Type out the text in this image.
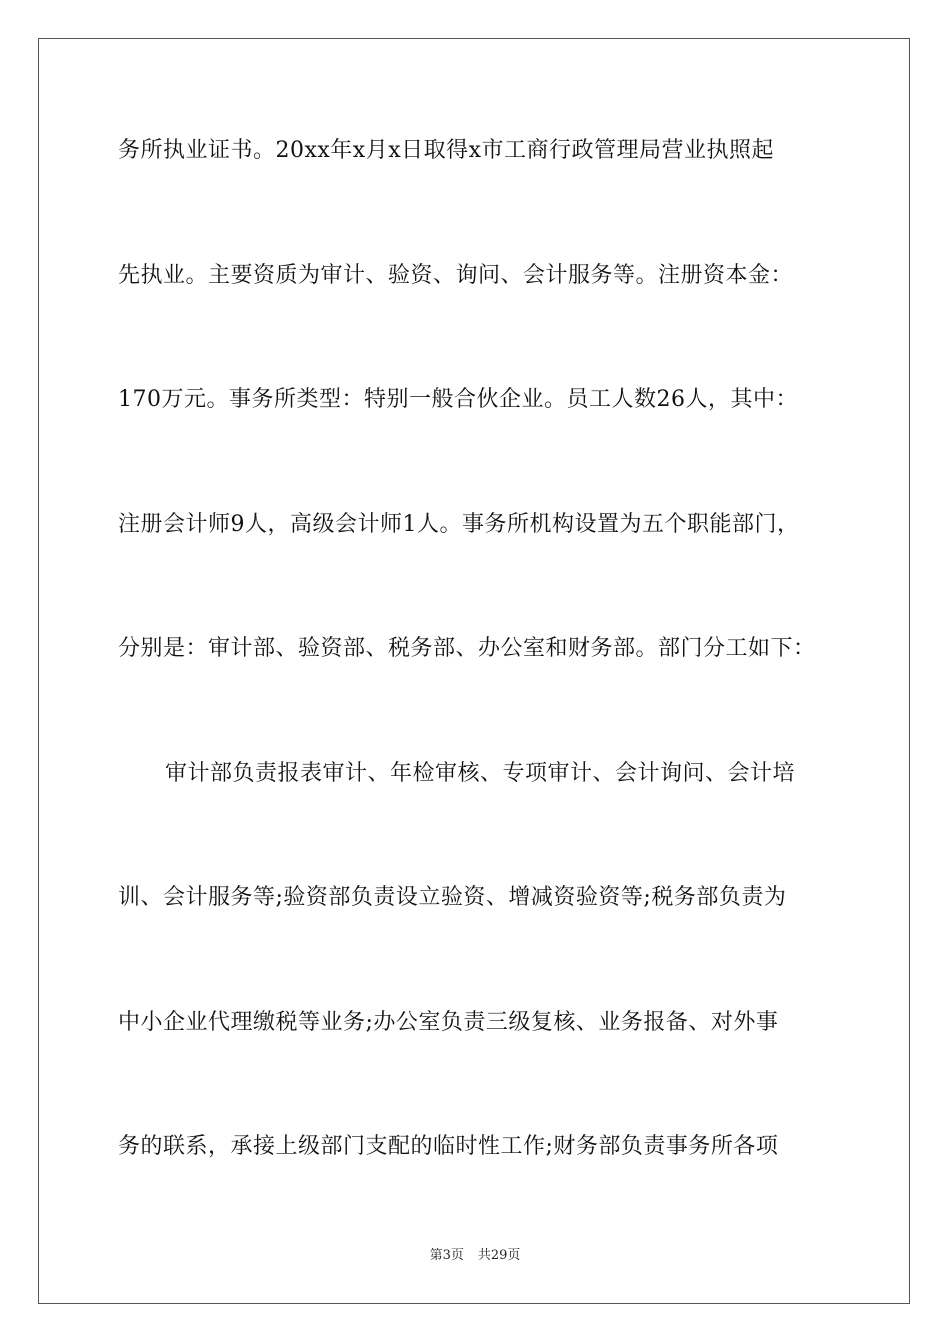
务所执业证书。20xx年x月x日取得x市工商行政管理局营业执照起
先执业。主要资质为审计、验资、询问、会计服务等。注册资本金：
170万元。事务所类型：特别一般合伙企业。员工人数26人，其中：
注册会计师9人，高级会计师1人。事务所机构设置为五个职能部门，
分别是：审计部、验资部、税务部、办公室和财务部。部门分工如下：
审计部负责报表审计、年检审核、专项审计、会计询问、会计培
训、会计服务等;验资部负责设立验资、增减资验资等;税务部负责为
中小企业代理缴税等业务;办公室负责三级复核、业务报备、对外事
务的联系，承接上级部门支配的临时性工作;财务部负责事务所各项
第3页 共29页
